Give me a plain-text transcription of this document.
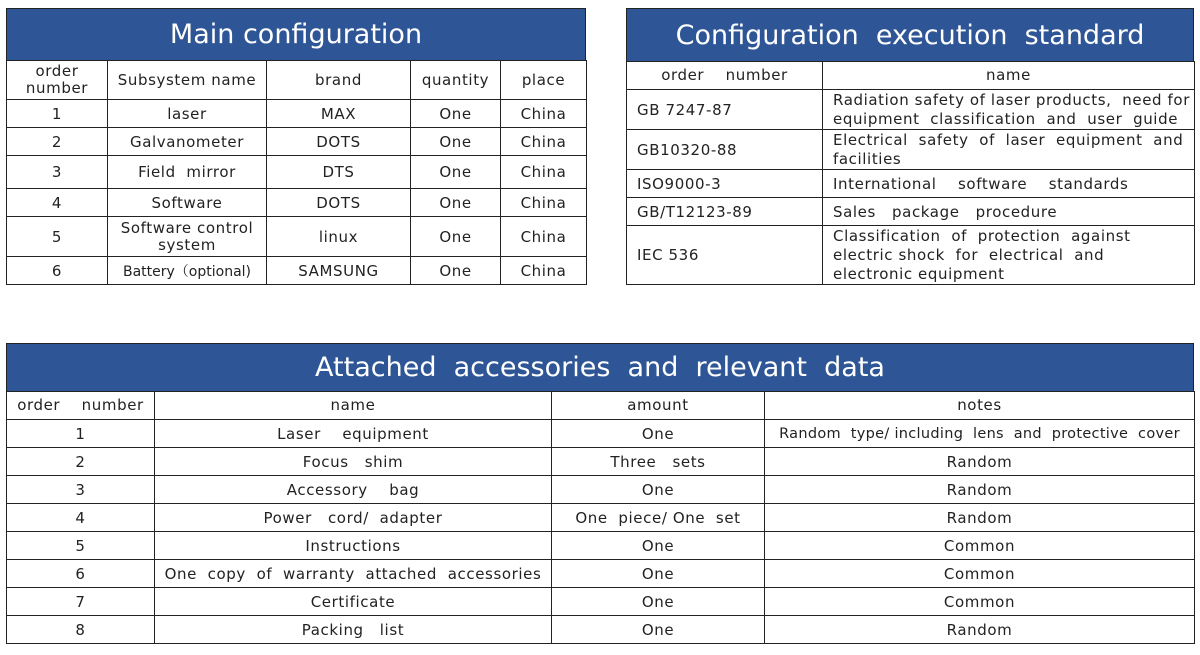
Main configuration
order number	Subsystem name	brand	quantity	place
1	laser	MAX	One	China
2	Galvanometer	DOTS	One	China
3	Field  mirror	DTS	One	China
4	Software	DOTS	One	China
5	Software control system	linux	One	China
6	Battery（optional)	SAMSUNG	One	China
Configuration  execution  standard
order    number	name
GB 7247-87	Radiation safety of laser products,  need for equipment  classification  and  user  guide
GB10320-88	Electrical  safety  of  laser  equipment  and facilities
ISO9000-3	International    software    standards
GB/T12123-89	Sales   package   procedure
IEC 536	Classification  of  protection  against  electric shock  for  electrical  and  electronic equipment
Attached  accessories  and  relevant  data
order    number	name	amount	notes
1	Laser    equipment	One	Random  type/ including  lens  and  protective  cover
2	Focus   shim	Three   sets	Random
3	Accessory    bag	One	Random
4	Power   cord/  adapter	One  piece/ One  set	Random
5	Instructions	One	Common
6	One  copy  of  warranty  attached  accessories	One	Common
7	Certificate	One	Common
8	Packing   list	One	Random
